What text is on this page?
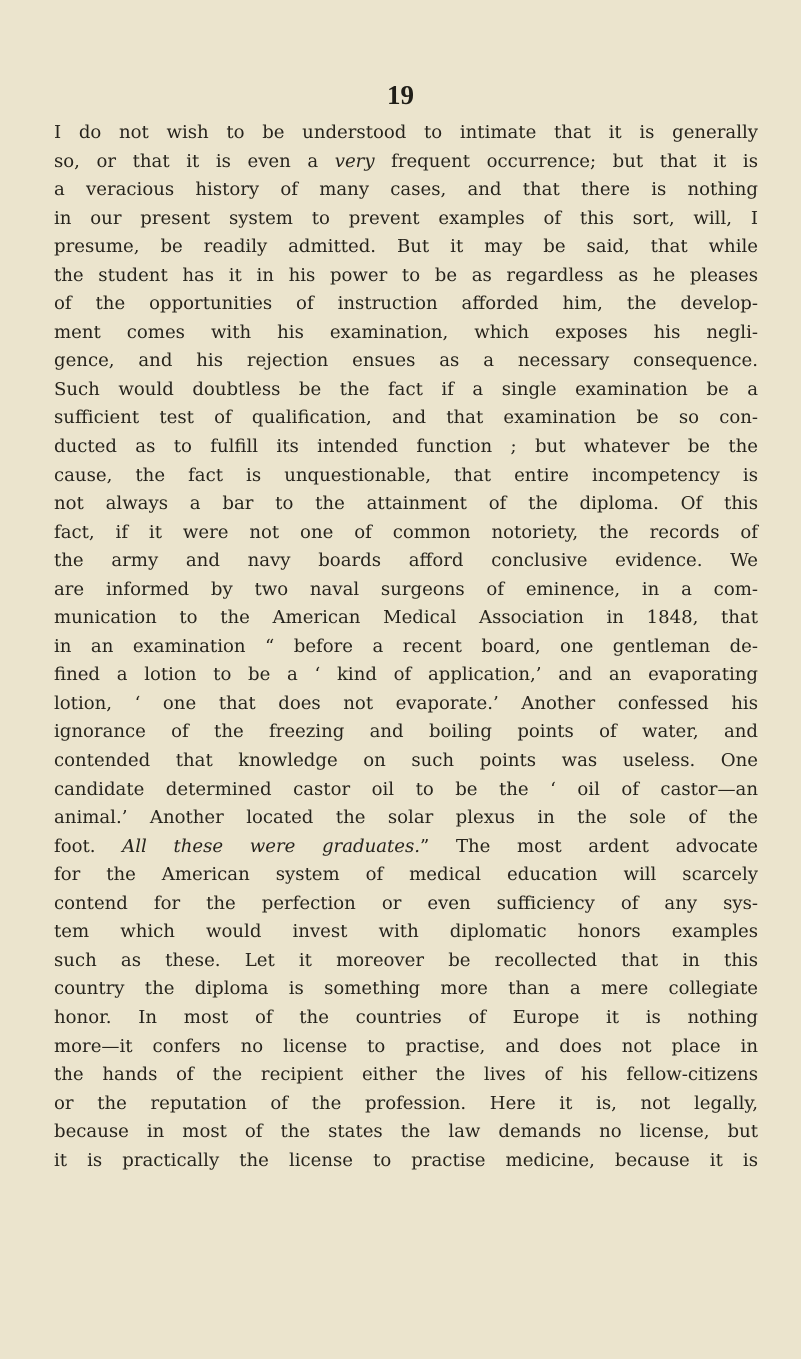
19
I do not wish to be understood to intimate that it is generally
so, or that it is even a very frequent occurrence; but that it is
a veracious history of many cases, and that there is nothing
in our present system to prevent examples of this sort, will, I
presume, be readily admitted. But it may be said, that while
the student has it in his power to be as regardless as he pleases
of the opportunities of instruction afforded him, the develop-
ment comes with his examination, which exposes his negli-
gence, and his rejection ensues as a necessary consequence.
Such would doubtless be the fact if a single examination be a
sufficient test of qualification, and that examination be so con-
ducted as to fulfill its intended function ; but whatever be the
cause, the fact is unquestionable, that entire incompetency is
not always a bar to the attainment of the diploma. Of this
fact, if it were not one of common notoriety, the records of
the army and navy boards afford conclusive evidence. We
are informed by two naval surgeons of eminence, in a com-
munication to the American Medical Association in 1848, that
in an examination “ before a recent board, one gentleman de-
fined a lotion to be a ‘ kind of application,’ and an evaporating
lotion, ‘ one that does not evaporate.’ Another confessed his
ignorance of the freezing and boiling points of water, and
contended that knowledge on such points was useless. One
candidate determined castor oil to be the ‘ oil of castor—an
animal.’ Another located the solar plexus in the sole of the
foot. All these were graduates.” The most ardent advocate
for the American system of medical education will scarcely
contend for the perfection or even sufficiency of any sys-
tem which would invest with diplomatic honors examples
such as these. Let it moreover be recollected that in this
country the diploma is something more than a mere collegiate
honor. In most of the countries of Europe it is nothing
more—it confers no license to practise, and does not place in
the hands of the recipient either the lives of his fellow-citizens
or the reputation of the profession. Here it is, not legally,
because in most of the states the law demands no license, but
it is practically the license to practise medicine, because it is
